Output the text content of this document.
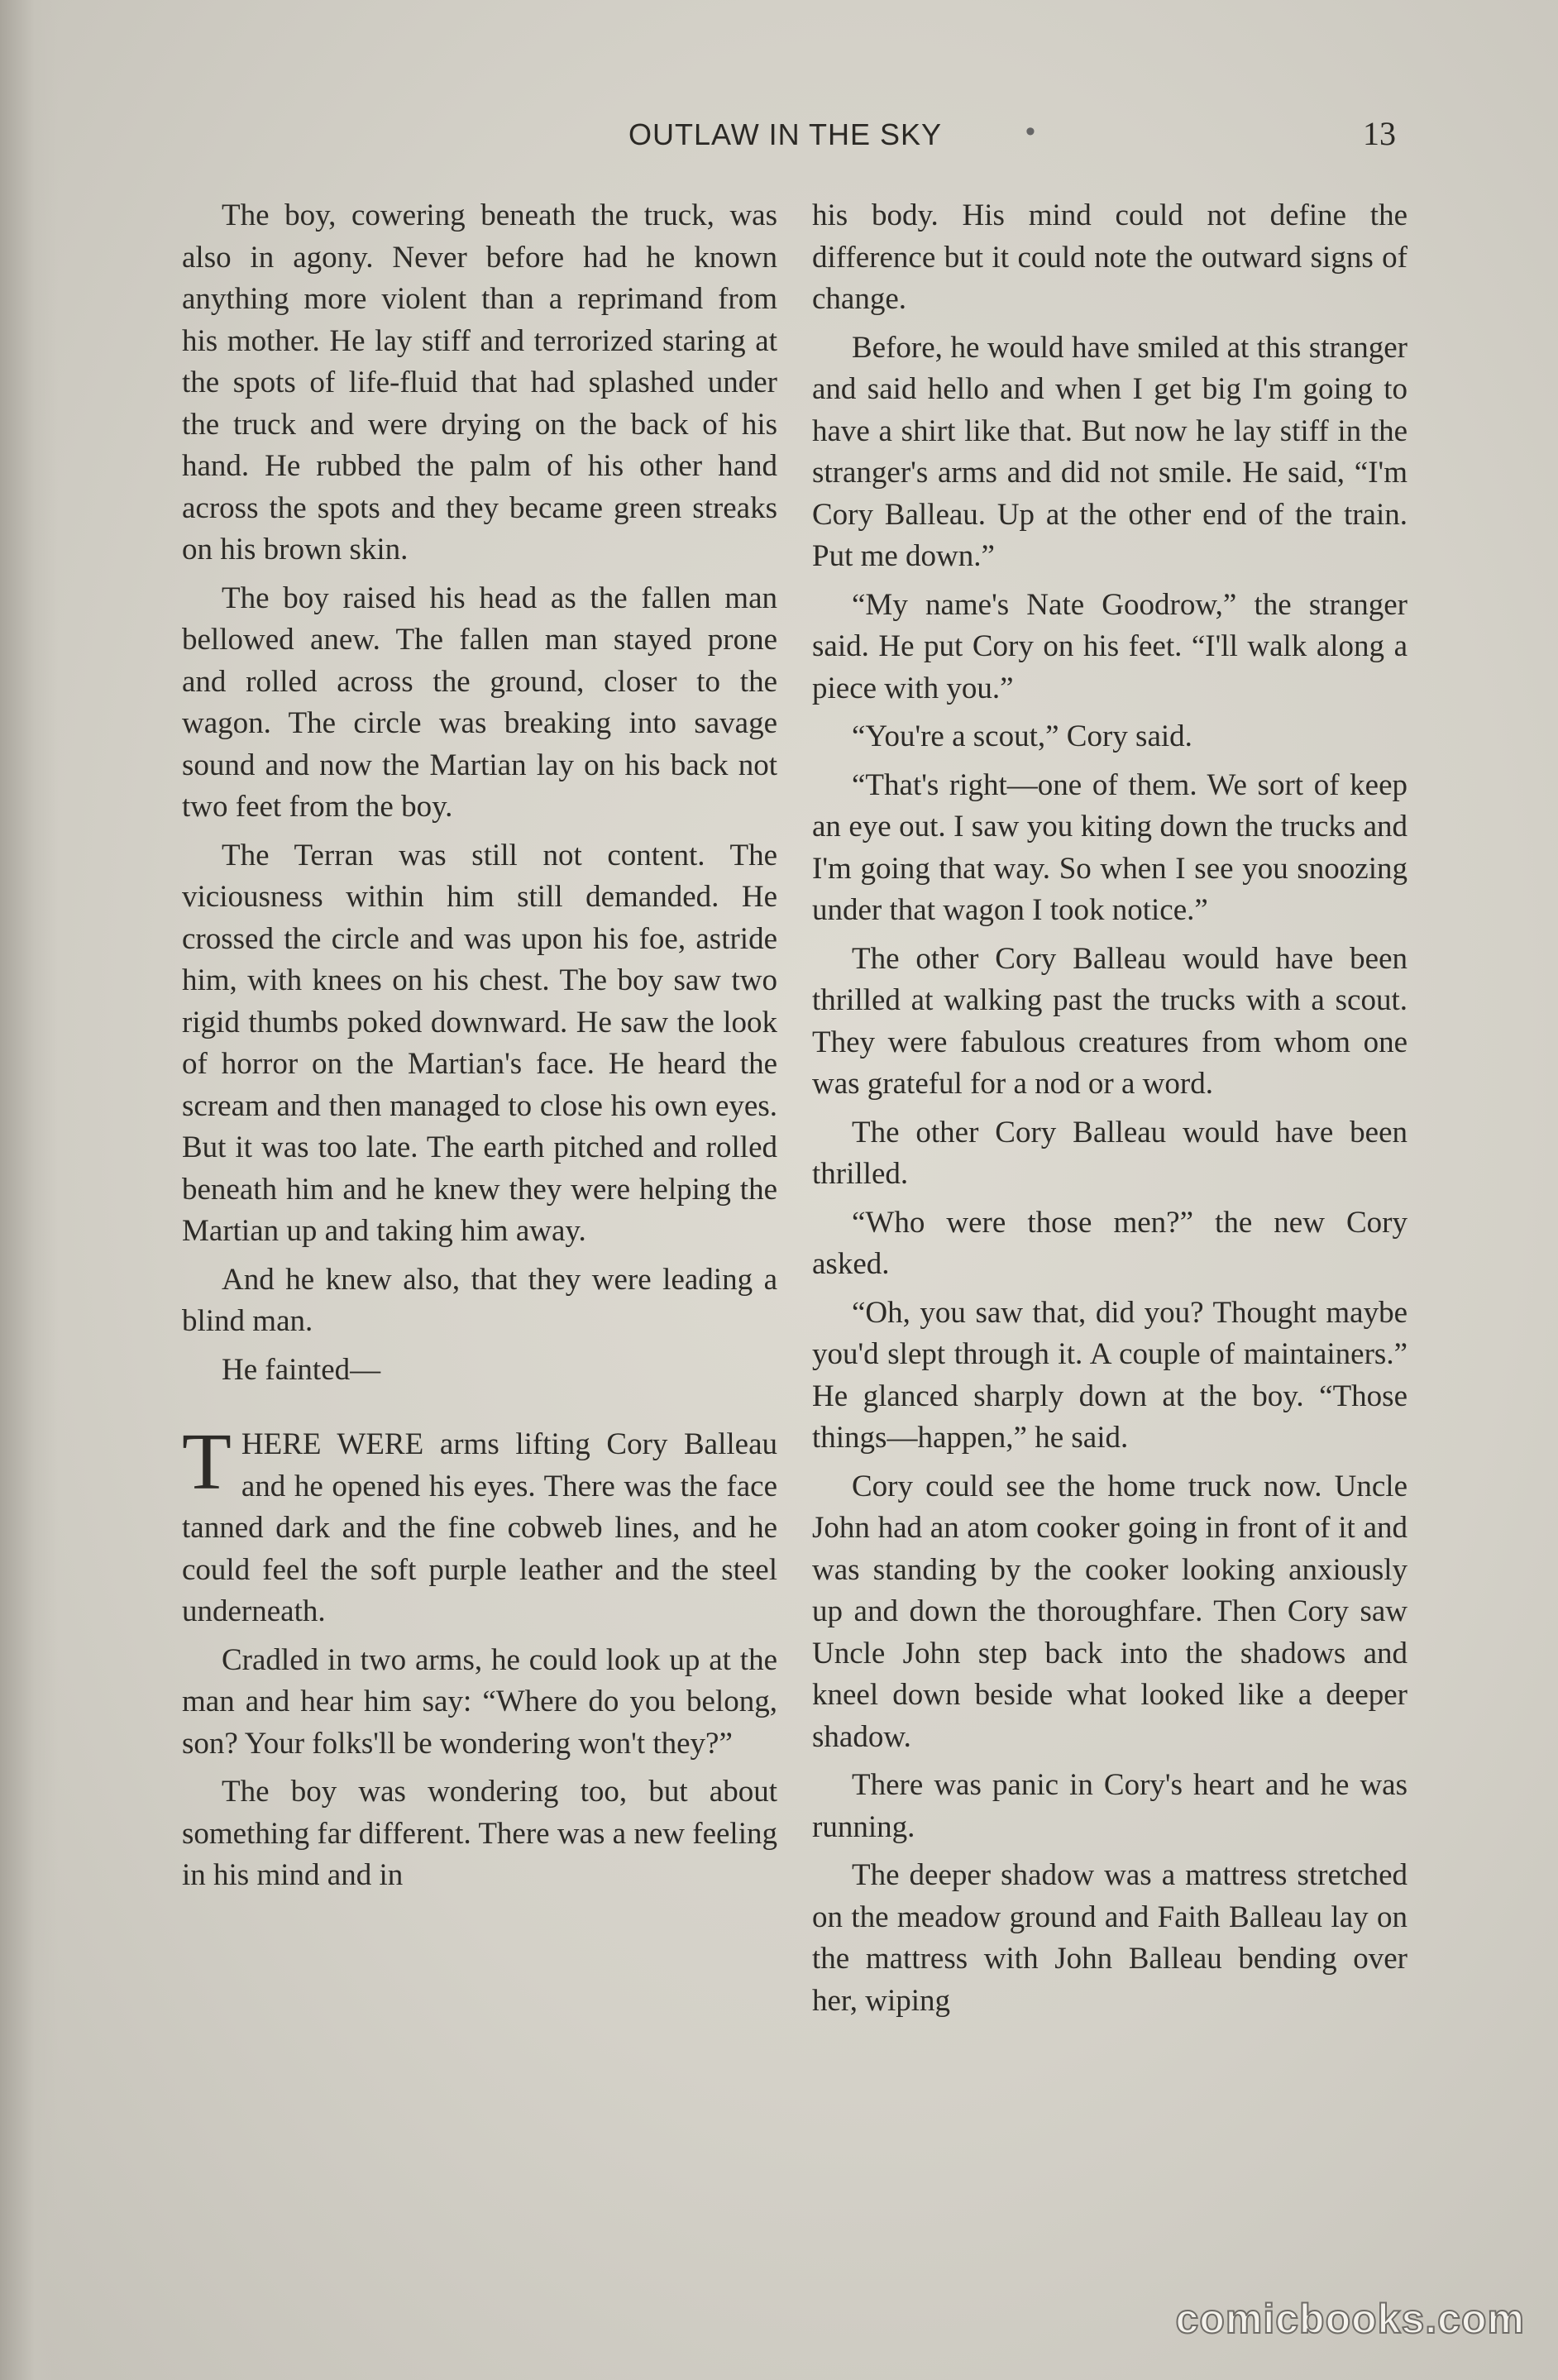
OUTLAW IN THE SKY	•	13

The boy, cowering beneath the truck, was also in agony. Never before had he known anything more violent than a reprimand from his mother. He lay stiff and terrorized staring at the spots of life-fluid that had splashed under the truck and were drying on the back of his hand. He rubbed the palm of his other hand across the spots and they became green streaks on his brown skin.

The boy raised his head as the fallen man bellowed anew. The fallen man stayed prone and rolled across the ground, closer to the wagon. The circle was breaking into savage sound and now the Martian lay on his back not two feet from the boy.

The Terran was still not content. The viciousness within him still demanded. He crossed the circle and was upon his foe, astride him, with knees on his chest. The boy saw two rigid thumbs poked downward. He saw the look of horror on the Martian's face. He heard the scream and then managed to close his own eyes. But it was too late. The earth pitched and rolled beneath him and he knew they were helping the Martian up and taking him away.

And he knew also, that they were leading a blind man.

He fainted—

THERE WERE arms lifting Cory Balleau and he opened his eyes. There was the face tanned dark and the fine cobweb lines, and he could feel the soft purple leather and the steel underneath.

Cradled in two arms, he could look up at the man and hear him say: “Where do you belong, son? Your folks'll be wondering won't they?”

The boy was wondering too, but about something far different. There was a new feeling in his mind and in

his body. His mind could not define the difference but it could note the outward signs of change.

Before, he would have smiled at this stranger and said hello and when I get big I'm going to have a shirt like that. But now he lay stiff in the stranger's arms and did not smile. He said, “I'm Cory Balleau. Up at the other end of the train. Put me down.”

“My name's Nate Goodrow,” the stranger said. He put Cory on his feet. “I'll walk along a piece with you.”

“You're a scout,” Cory said.

“That's right—one of them. We sort of keep an eye out. I saw you kiting down the trucks and I'm going that way. So when I see you snoozing under that wagon I took notice.”

The other Cory Balleau would have been thrilled at walking past the trucks with a scout. They were fabulous creatures from whom one was grateful for a nod or a word.

The other Cory Balleau would have been thrilled.

“Who were those men?” the new Cory asked.

“Oh, you saw that, did you? Thought maybe you'd slept through it. A couple of maintainers.” He glanced sharply down at the boy. “Those things—happen,” he said.

Cory could see the home truck now. Uncle John had an atom cooker going in front of it and was standing by the cooker looking anxiously up and down the thoroughfare. Then Cory saw Uncle John step back into the shadows and kneel down beside what looked like a deeper shadow.

There was panic in Cory's heart and he was running.

The deeper shadow was a mattress stretched on the meadow ground and Faith Balleau lay on the mattress with John Balleau bending over her, wiping

comicbooks.com
